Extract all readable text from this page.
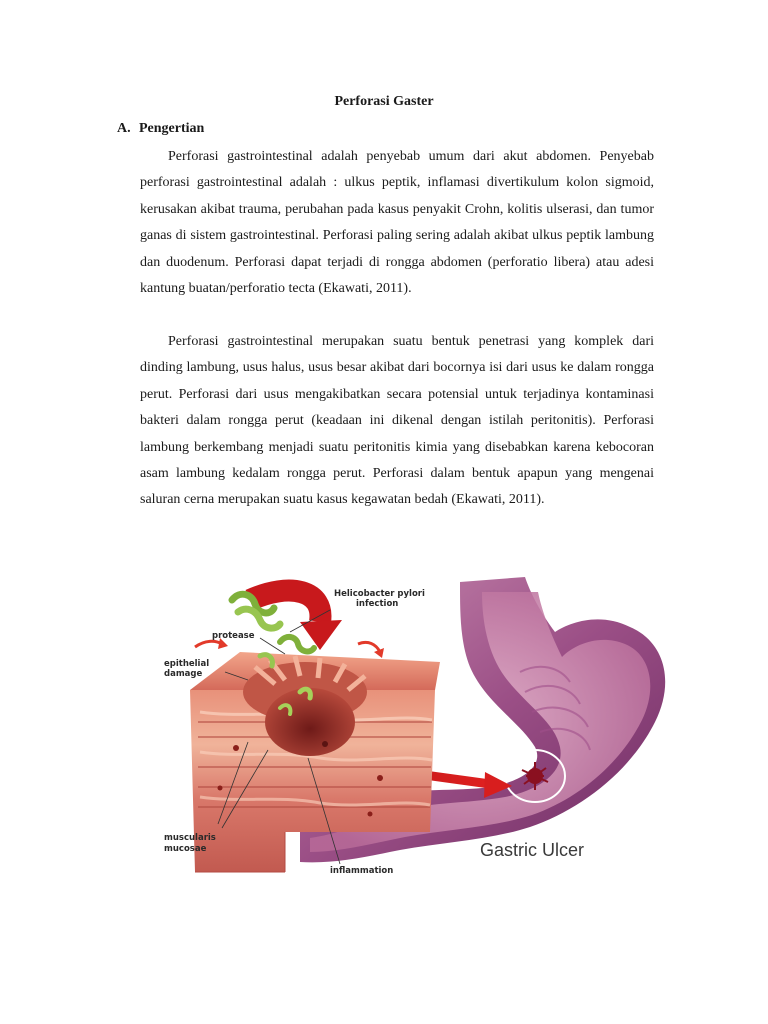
Perforasi Gaster
A. Pengertian

Perforasi gastrointestinal adalah penyebab umum dari akut abdomen. Penyebab perforasi gastrointestinal adalah : ulkus peptik, inflamasi divertikulum kolon sigmoid, kerusakan akibat trauma, perubahan pada kasus penyakit Crohn, kolitis ulserasi, dan tumor ganas di sistem gastrointestinal. Perforasi paling sering adalah akibat ulkus peptik lambung dan duodenum. Perforasi dapat terjadi di rongga abdomen (perforatio libera) atau adesi kantung buatan/perforatio tecta (Ekawati, 2011).

Perforasi gastrointestinal merupakan suatu bentuk penetrasi yang komplek dari dinding lambung, usus halus, usus besar akibat dari bocornya isi dari usus ke dalam rongga perut. Perforasi dari usus mengakibatkan secara potensial untuk terjadinya kontaminasi bakteri dalam rongga perut (keadaan ini dikenal dengan istilah peritonitis). Perforasi lambung berkembang menjadi suatu peritonitis kimia yang disebabkan karena kebocoran asam lambung kedalam rongga perut. Perforasi dalam bentuk apapun yang mengenai saluran cerna merupakan suatu kasus kegawatan bedah (Ekawati, 2011).

Helicobacter pylori
infection
protease
epithelial
damage
muscularis
mucosae
inflammation
Gastric Ulcer
